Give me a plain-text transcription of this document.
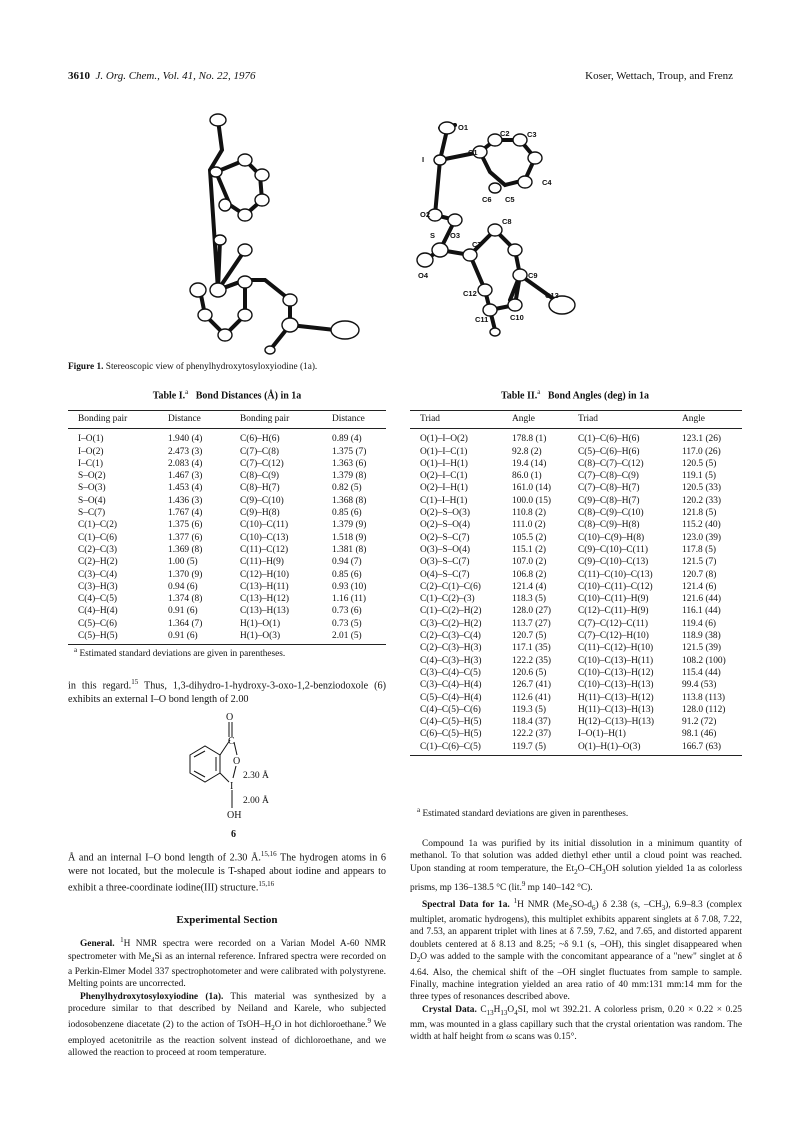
3610 J. Org. Chem., Vol. 41, No. 22, 1976	Koser, Wettach, Troup, and Frenz
O1
I
C1
C2 C3
C4
C6 C5
O2
O3
S
C7
C8
O4	C9
C12	C13
C11	C10
Figure 1. Stereoscopic view of phenylhydroxytosyloxyiodine (1a).
Table I.$^a$ Bond Distances (Å) in 1a
Bonding pair	Distance	Bonding pair	Distance
I–O(1)	1.940 (4)	C(6)–H(6)	0.89 (4)
I–O(2)	2.473 (3)	C(7)–C(8)	1.375 (7)
I–C(1)	2.083 (4)	C(7)–C(12)	1.363 (6)
S–O(2)	1.467 (3)	C(8)–C(9)	1.379 (8)
S–O(3)	1.453 (4)	C(8)–H(7)	0.82 (5)
S–O(4)	1.436 (3)	C(9)–C(10)	1.368 (8)
S–C(7)	1.767 (4)	C(9)–H(8)	0.85 (6)
C(1)–C(2)	1.375 (6)	C(10)–C(11)	1.379 (9)
C(1)–C(6)	1.377 (6)	C(10)–C(13)	1.518 (9)
C(2)–C(3)	1.369 (8)	C(11)–C(12)	1.381 (8)
C(2)–H(2)	1.00 (5)	C(11)–H(9)	0.94 (7)
C(3)–C(4)	1.370 (9)	C(12)–H(10)	0.85 (6)
C(3)–H(3)	0.94 (6)	C(13)–H(11)	0.93 (10)
C(4)–C(5)	1.374 (8)	C(13)–H(12)	1.16 (11)
C(4)–H(4)	0.91 (6)	C(13)–H(13)	0.73 (6)
C(5)–C(6)	1.364 (7)	H(1)–O(1)	0.73 (5)
C(5)–H(5)	0.91 (6)	H(1)–O(3)	2.01 (5)
$^a$ Estimated standard deviations are given in parentheses.
Table II.$^a$ Bond Angles (deg) in 1a
Triad	Angle	Triad	Angle
O(1)–I–O(2)	178.8 (1)	C(1)–C(6)–H(6)	123.1 (26)
O(1)–I–C(1)	92.8 (2)	C(5)–C(6)–H(6)	117.0 (26)
O(1)–I–H(1)	19.4 (14)	C(8)–C(7)–C(12)	120.5 (5)
O(2)–I–C(1)	86.0 (1)	C(7)–C(8)–C(9)	119.1 (5)
O(2)–I–H(1)	161.0 (14)	C(7)–C(8)–H(7)	120.5 (33)
C(1)–I–H(1)	100.0 (15)	C(9)–C(8)–H(7)	120.2 (33)
O(2)–S–O(3)	110.8 (2)	C(8)–C(9)–C(10)	121.8 (5)
O(2)–S–O(4)	111.0 (2)	C(8)–C(9)–H(8)	115.2 (40)
O(2)–S–C(7)	105.5 (2)	C(10)–C(9)–H(8)	123.0 (39)
O(3)–S–O(4)	115.1 (2)	C(9)–C(10)–C(11)	117.8 (5)
O(3)–S–C(7)	107.0 (2)	C(9)–C(10)–C(13)	121.5 (7)
O(4)–S–C(7)	106.8 (2)	C(11)–C(10)–C(13)	120.7 (8)
C(2)–C(1)–C(6)	121.4 (4)	C(10)–C(11)–C(12)	121.4 (6)
C(1)–C(2)–(3)	118.3 (5)	C(10)–C(11)–H(9)	121.6 (44)
C(1)–C(2)–H(2)	128.0 (27)	C(12)–C(11)–H(9)	116.1 (44)
C(3)–C(2)–H(2)	113.7 (27)	C(7)–C(12)–C(11)	119.4 (6)
C(2)–C(3)–C(4)	120.7 (5)	C(7)–C(12)–H(10)	118.9 (38)
C(2)–C(3)–H(3)	117.1 (35)	C(11)–C(12)–H(10)	121.5 (39)
C(4)–C(3)–H(3)	122.2 (35)	C(10)–C(13)–H(11)	108.2 (100)
C(3)–C(4)–C(5)	120.6 (5)	C(10)–C(13)–H(12)	115.4 (44)
C(3)–C(4)–H(4)	126.7 (41)	C(10)–C(13)–H(13)	99.4 (53)
C(5)–C(4)–H(4)	112.6 (41)	H(11)–C(13)–H(12)	113.8 (113)
C(4)–C(5)–C(6)	119.3 (5)	H(11)–C(13)–H(13)	128.0 (112)
C(4)–C(5)–H(5)	118.4 (37)	H(12)–C(13)–H(13)	91.2 (72)
C(6)–C(5)–H(5)	122.2 (37)	I–O(1)–H(1)	98.1 (46)
C(1)–C(6)–C(5)	119.7 (5)	O(1)–H(1)–O(3)	166.7 (63)
$^a$ Estimated standard deviations are given in parentheses.

in this regard.$^{15}$ Thus, 1,3-dihydro-1-hydroxy-3-oxo-1,2-benziodoxole (6) exhibits an external I–O bond length of 2.00

O
C
O
I
OH
2.30 Å
2.00 Å
6

Å and an internal I–O bond length of 2.30 Å.$^{15,16}$ The hydrogen atoms in 6 were not located, but the molecule is T-shaped about iodine and appears to exhibit a three-coordinate iodine(III) structure.$^{15,16}$

Experimental Section

General. $^1$H NMR spectra were recorded on a Varian Model A-60 NMR spectrometer with $Me_4Si$ as an internal reference. Infrared spectra were recorded on a Perkin-Elmer Model 337 spectrophotometer and were calibrated with polystyrene. Melting points are uncorrected.

Phenylhydroxytosyloxyiodine (1a). This material was synthesized by a procedure similar to that described by Neiland and Karele, who subjected iodosobenzene diacetate (2) to the action of TsOH–$H_2O$ in hot dichloroethane.$^9$ We employed acetonitrile as the reaction solvent instead of dichloroethane, and we allowed the reaction to proceed at room temperature.

Compound 1a was purified by its initial dissolution in a minimum quantity of methanol. To that solution was added diethyl ether until a cloud point was reached. Upon standing at room temperature, the $Et_2O-CH_3OH$ solution yielded 1a as colorless prisms, mp 136–138.5 °C (lit.$^9$ mp 140–142 °C).

Spectral Data for 1a. $^1$H NMR $(Me_2SO-d_6)$ δ 2.38 (s, $-CH_3$), 6.9–8.3 (complex multiplet, aromatic hydrogens), this multiplet exhibits apparent singlets at δ 7.08, 7.22, and 7.53, an apparent triplet with lines at δ 7.59, 7.62, and 7.65, and distorted apparent doublets centered at δ 8.13 and 8.25; ~δ 9.1 (s, –OH), this singlet disappeared when $D_2O$ was added to the sample with the concomitant appearance of a "new" singlet at δ 4.64. Also, the chemical shift of the –OH singlet fluctuates from sample to sample. Finally, machine integration yielded an area ratio of 40 mm:131 mm:14 mm for the three types of resonances described above.

Crystal Data. $C_{13}H_{13}O_4SI$, mol wt 392.21. A colorless prism, 0.20 × 0.22 × 0.25 mm, was mounted in a glass capillary such that the crystal orientation was random. The width at half height from ω scans was 0.15°.
